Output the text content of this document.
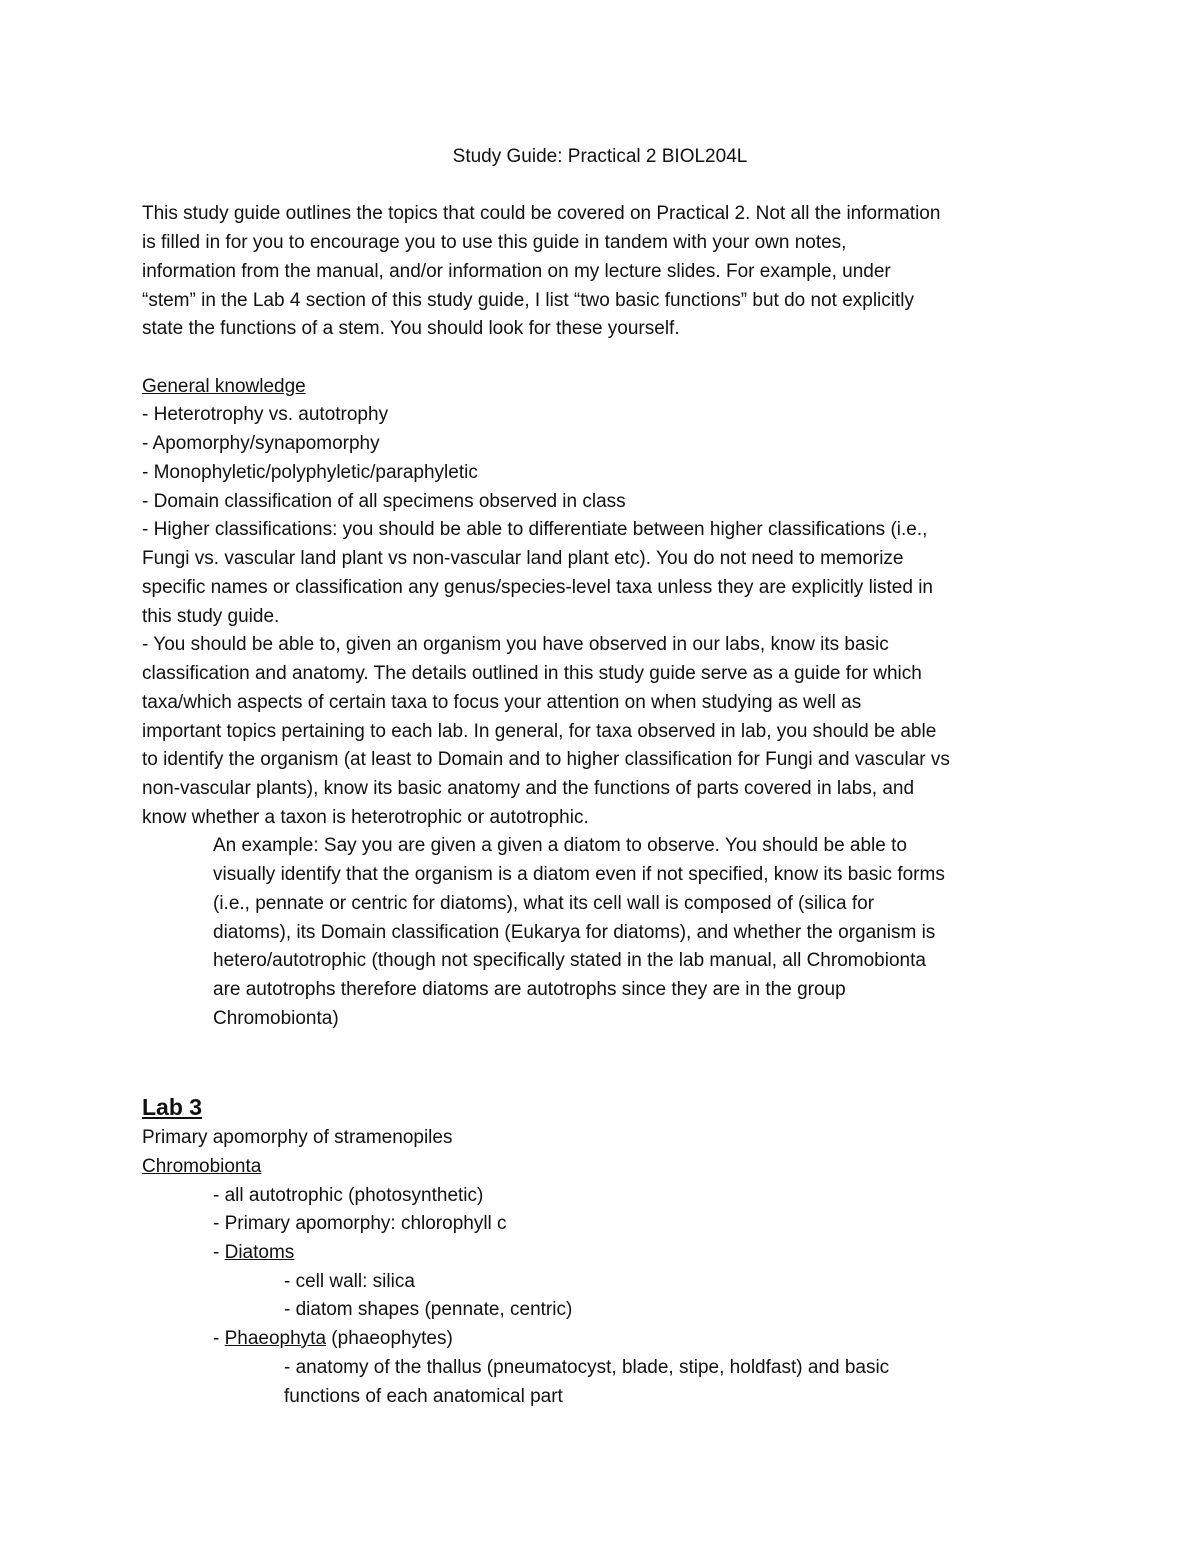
Study Guide: Practical 2 BIOL204L
This study guide outlines the topics that could be covered on Practical 2. Not all the information
is filled in for you to encourage you to use this guide in tandem with your own notes,
information from the manual, and/or information on my lecture slides. For example, under
“stem” in the Lab 4 section of this study guide, I list “two basic functions” but do not explicitly
state the functions of a stem. You should look for these yourself.
General knowledge
- Heterotrophy vs. autotrophy
- Apomorphy/synapomorphy
- Monophyletic/polyphyletic/paraphyletic
- Domain classification of all specimens observed in class
- Higher classifications: you should be able to differentiate between higher classifications (i.e.,
Fungi vs. vascular land plant vs non-vascular land plant etc). You do not need to memorize
specific names or classification any genus/species-level taxa unless they are explicitly listed in
this study guide.
- You should be able to, given an organism you have observed in our labs, know its basic
classification and anatomy. The details outlined in this study guide serve as a guide for which
taxa/which aspects of certain taxa to focus your attention on when studying as well as
important topics pertaining to each lab. In general, for taxa observed in lab, you should be able
to identify the organism (at least to Domain and to higher classification for Fungi and vascular vs
non-vascular plants), know its basic anatomy and the functions of parts covered in labs, and
know whether a taxon is heterotrophic or autotrophic.
An example: Say you are given a given a diatom to observe. You should be able to
visually identify that the organism is a diatom even if not specified, know its basic forms
(i.e., pennate or centric for diatoms), what its cell wall is composed of (silica for
diatoms), its Domain classification (Eukarya for diatoms), and whether the organism is
hetero/autotrophic (though not specifically stated in the lab manual, all Chromobionta
are autotrophs therefore diatoms are autotrophs since they are in the group
Chromobionta)
Lab 3
Primary apomorphy of stramenopiles
Chromobionta
- all autotrophic (photosynthetic)
- Primary apomorphy: chlorophyll c
- Diatoms
- cell wall: silica
- diatom shapes (pennate, centric)
- Phaeophyta (phaeophytes)
- anatomy of the thallus (pneumatocyst, blade, stipe, holdfast) and basic
functions of each anatomical part
